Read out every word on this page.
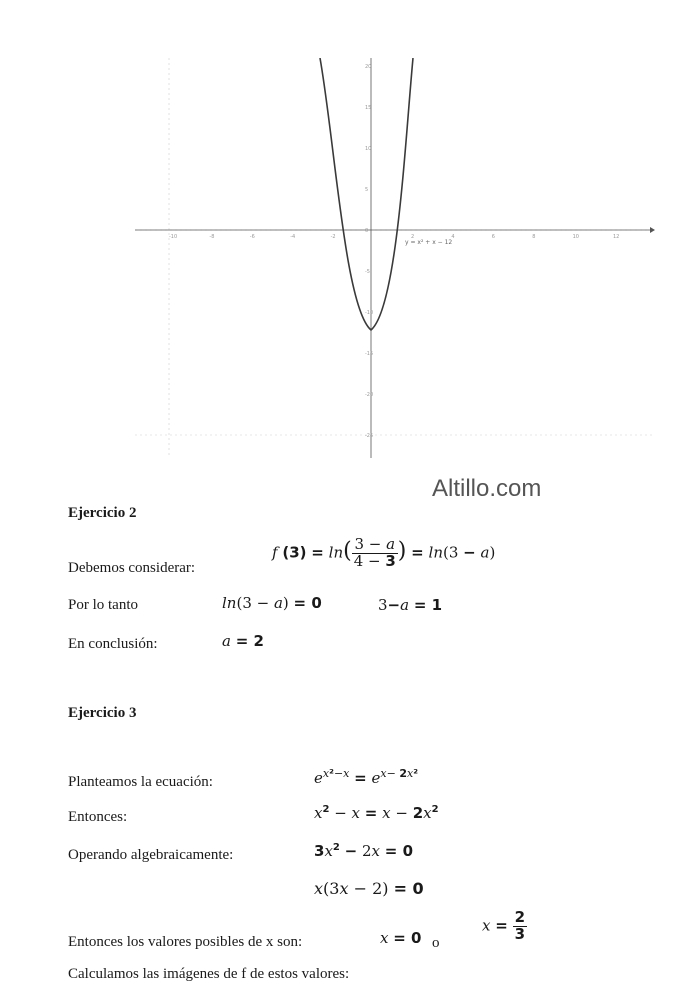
20
15
10
5
0
-5
-10
-15
-20
-25
-10	-8	-6	-4	-2	2	4	6	8	10	12
y = x² + x − 12
Altillo.com
Ejercicio 2
Debemos considerar:
f $(3) = \ln( \frac{3 - a}{4 - 3}$ ) = ln(3 − a)
Por lo tanto	ln(3 − a) = 0	3−a = 1
En conclusión:	a = 2
Ejercicio 3
Planteamos la ecuación:	$e^{x^2-x} = e^{x- 2x^2}$
Entonces:	$x^2 - x = x - 2x^2$
Operando algebraicamente:	$3x^2 - 2x = 0$
x(3x − 2) = 0
Entonces los valores posibles de x son:	x = 0 o
$x = \frac{2}{3}$
Calculamos las imágenes de f de estos valores:
